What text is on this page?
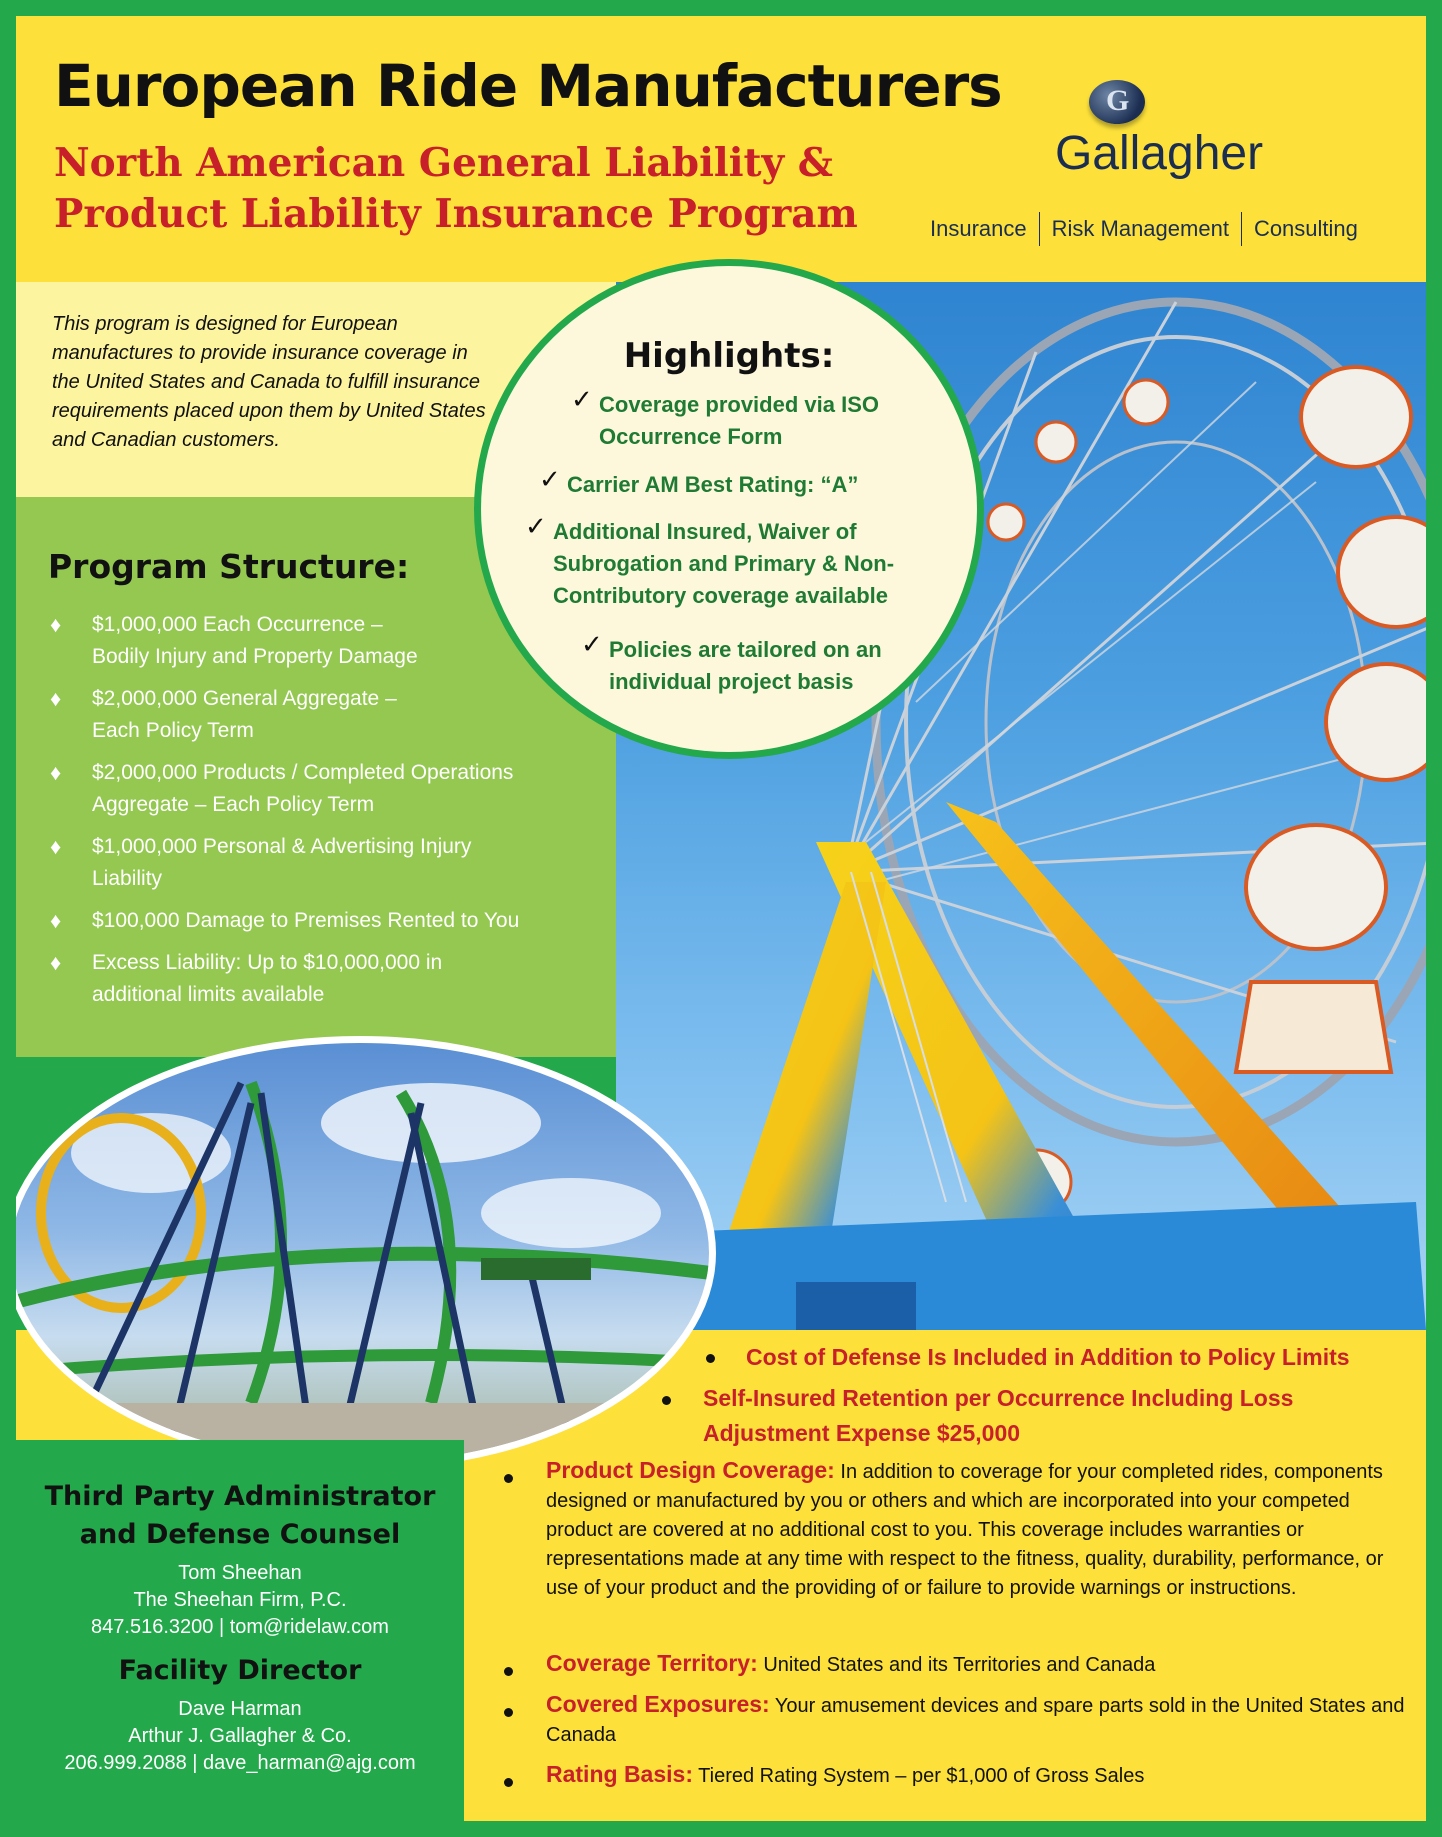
European Ride Manufacturers
North American General Liability &
Product Liability Insurance Program
G
Gallagher
Insurance	Risk Management	Consulting

This program is designed for European manufactures to provide insurance coverage in the United States and Canada to fulfill insurance requirements placed upon them by United States and Canadian customers.

Program Structure:
♦ $1,000,000 Each Occurrence –
Bodily Injury and Property Damage
♦ $2,000,000 General Aggregate –
Each Policy Term
♦ $2,000,000 Products / Completed Operations
Aggregate – Each Policy Term
♦ $1,000,000 Personal & Advertising Injury
Liability
♦ $100,000 Damage to Premises Rented to You
♦ Excess Liability: Up to $10,000,000 in
additional limits available
Highlights:
✓ Coverage provided via ISO
Occurrence Form
✓ Carrier AM Best Rating: “A”
✓ Additional Insured, Waiver of
Subrogation and Primary & Non-
Contributory coverage available
✓ Policies are tailored on an
individual project basis
Third Party Administrator
and Defense Counsel
Tom Sheehan
The Sheehan Firm, P.C.
847.516.3200 | tom@ridelaw.com
Facility Director
Dave Harman
Arthur J. Gallagher & Co.
206.999.2088 | dave_harman@ajg.com
Cost of Defense Is Included in Addition to Policy Limits
Self-Insured Retention per Occurrence Including Loss
Adjustment Expense $25,000
Product Design Coverage: In addition to coverage for your completed rides, components designed or manufactured by you or others and which are incorporated into your competed product are covered at no additional cost to you. This coverage includes warranties or representations made at any time with respect to the fitness, quality, durability, performance, or use of your product and the providing of or failure to provide warnings or instructions.
Coverage Territory: United States and its Territories and Canada
Covered Exposures: Your amusement devices and spare parts sold in the United States and Canada
Rating Basis: Tiered Rating System – per $1,000 of Gross Sales
